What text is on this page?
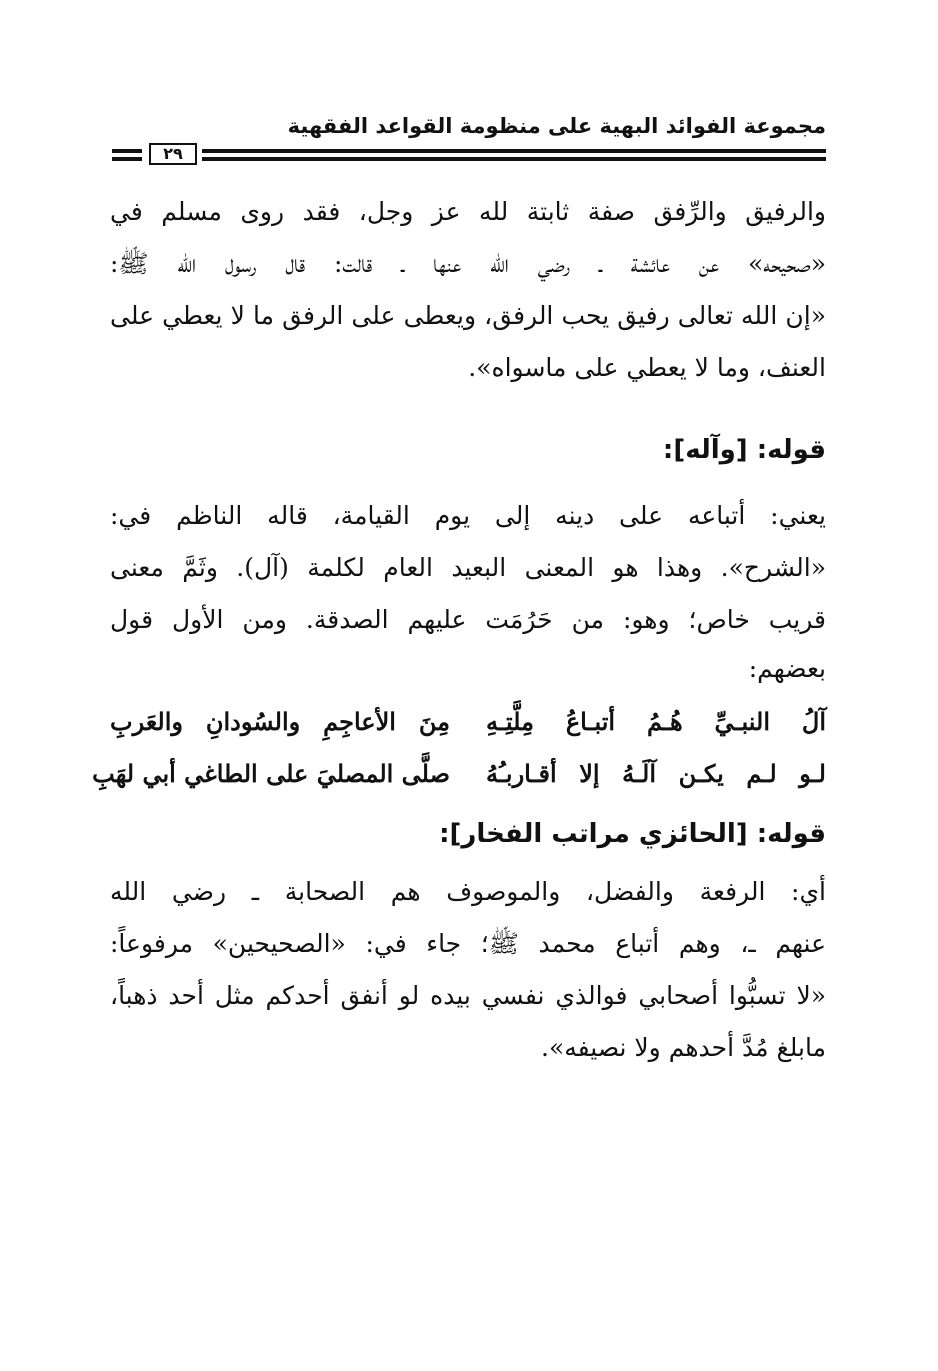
مجموعة الفوائد البهية على منظومة القواعد الفقهية
٢٩
والرفيق والرِّفق صفة ثابتة لله عز وجل، فقد روى مسلم في
«صحيحه» عن عائشة ـ رضي الله عنها ـ قالت: قال رسول الله ﷺ:
«إن الله تعالى رفيق يحب الرفق، ويعطى على الرفق ما لا يعطي على
العنف، وما لا يعطي على ماسواه».
قوله: [وآله]:
يعني: أتباعه على دينه إلى يوم القيامة، قاله الناظم في:
«الشرح». وهذا هو المعنى البعيد العام لكلمة (آل). وثَمَّ معنى
قريب خاص؛ وهو: من حَرُمَت عليهم الصدقة. ومن الأول قول
بعضهم:
آلُ النبـيِّ هُـمُ أتبـاعُ مِلَّتِـهِ
مِنَ الأعاجِمِ والسُودانِ والعَربِ
لـو لـم يكـن آلَـهُ إلا أقـاربـُهُ
صلَّى المصليَ على الطاغي أبي لهَبِ
قوله: [الحائزي مراتب الفخار]:
أي: الرفعة والفضل، والموصوف هم الصحابة ـ رضي الله
عنهم ـ، وهم أتباع محمد ﷺ؛ جاء في: «الصحيحين» مرفوعاً:
«لا تسبُّوا أصحابي فوالذي نفسي بيده لو أنفق أحدكم مثل أحد ذهباً،
مابلغ مُدَّ أحدهم ولا نصيفه».
